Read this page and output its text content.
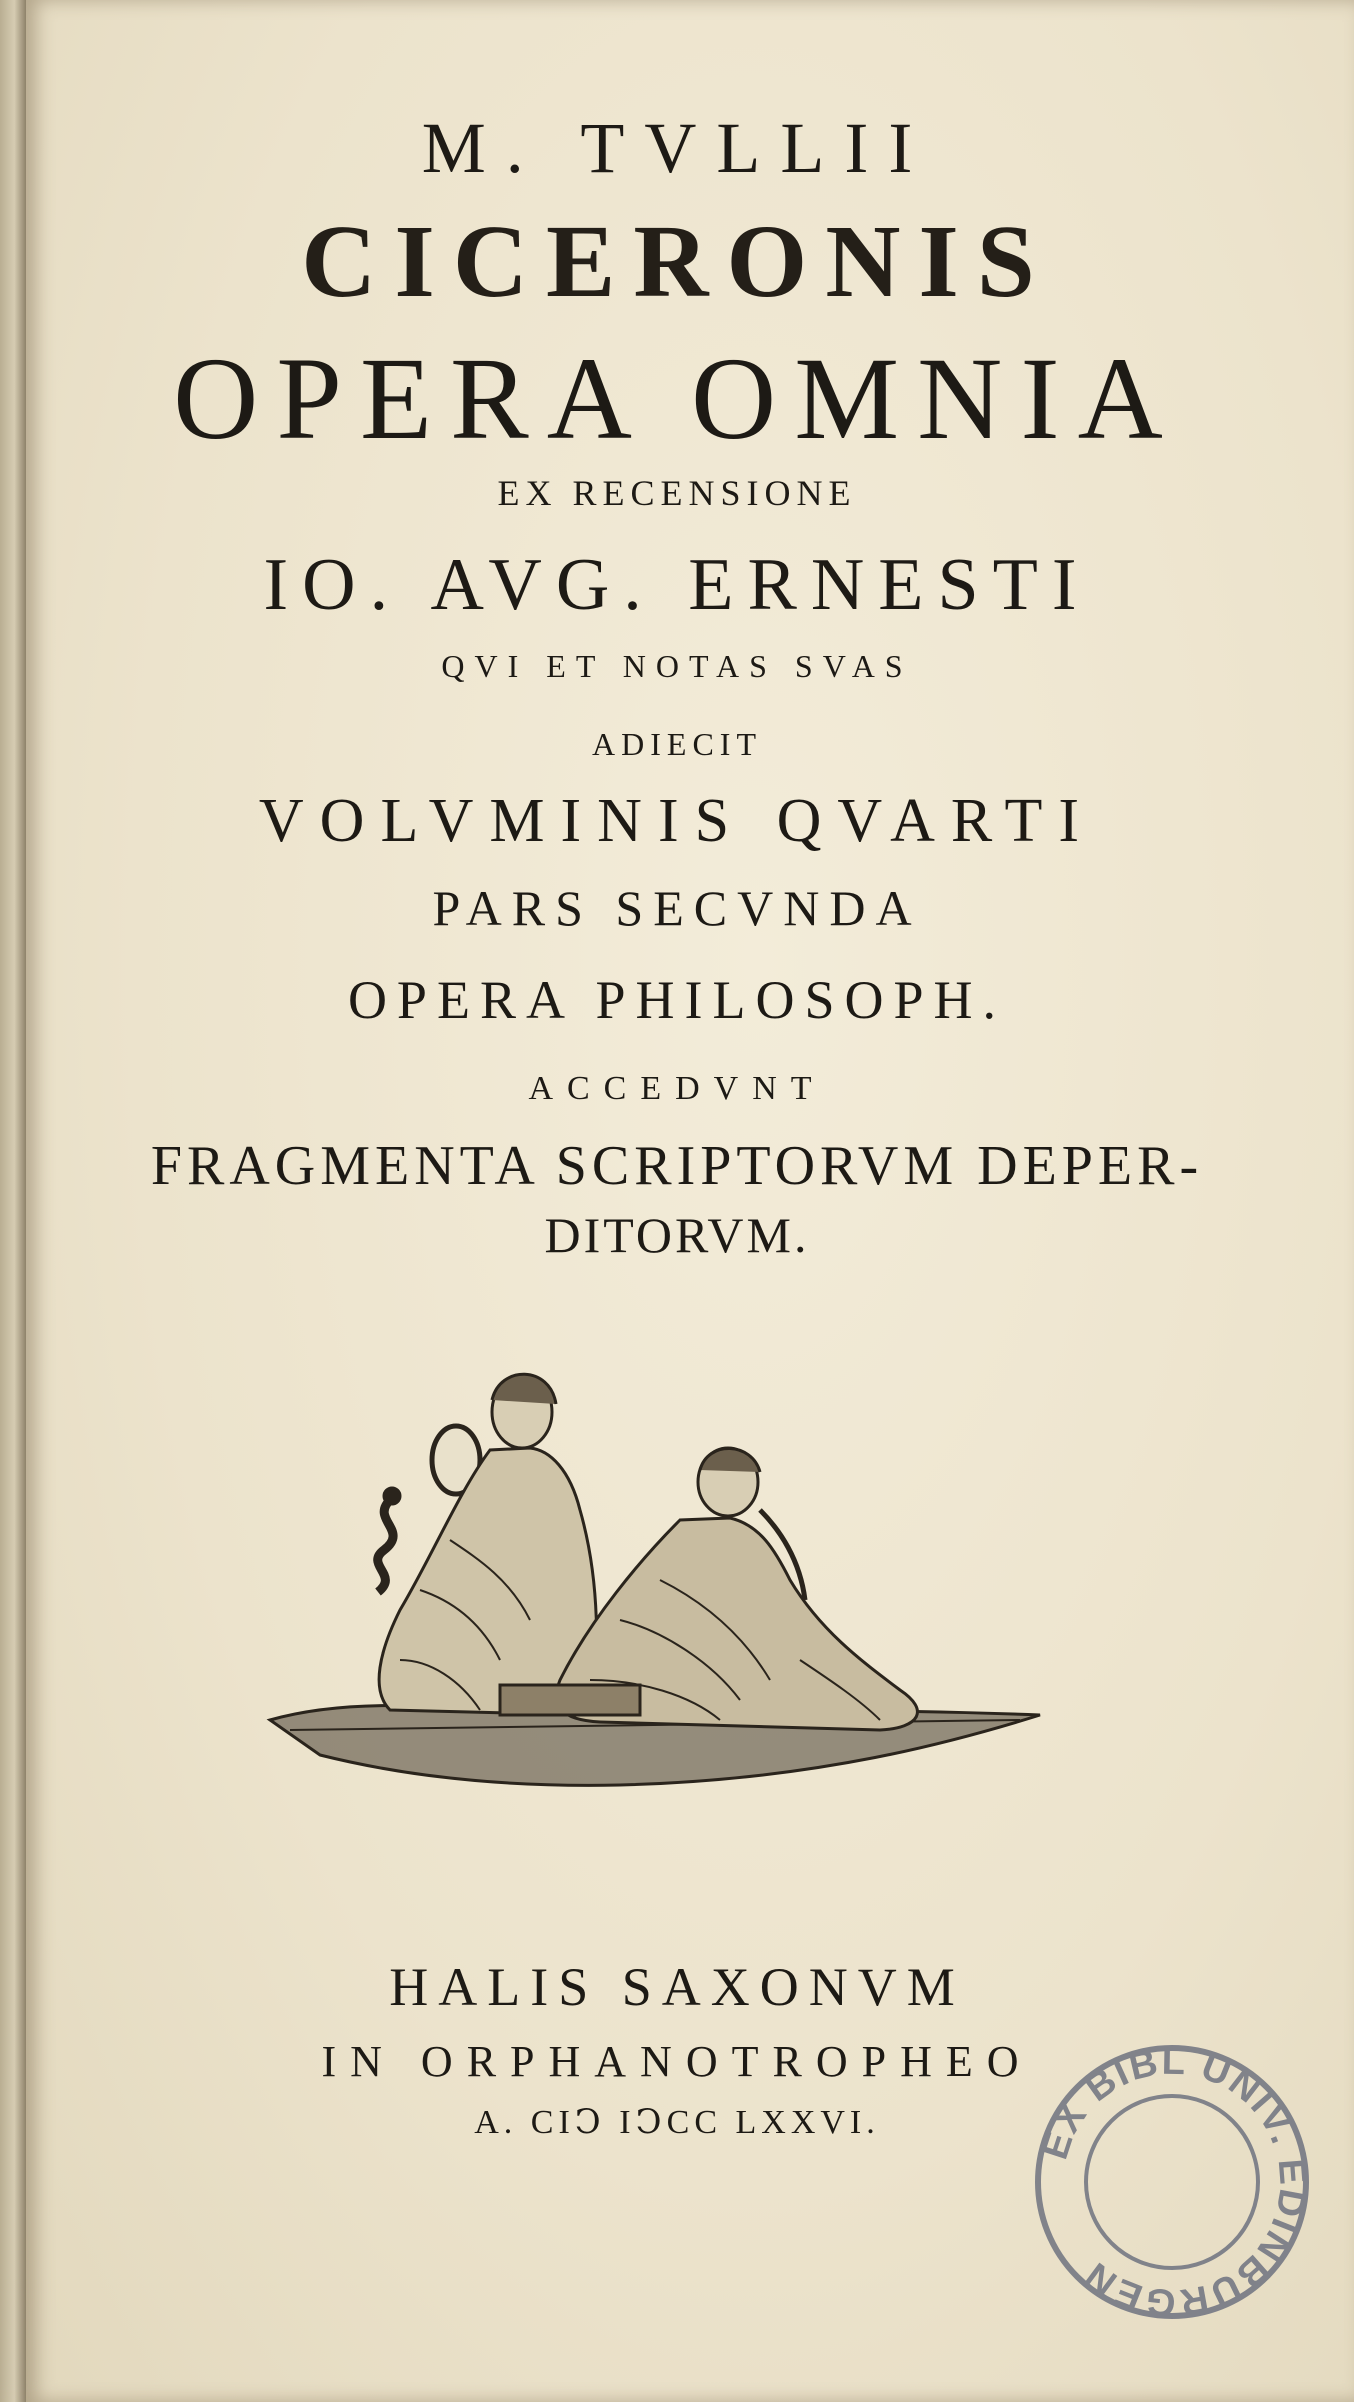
M. TVLLII

CICERONIS

OPERA OMNIA

EX RECENSIONE

IO. AVG. ERNESTI

QVI ET NOTAS SVAS

ADIECIT

VOLVMINIS QVARTI

PARS SECVNDA

OPERA PHILOSOPH.

ACCEDVNT

FRAGMENTA SCRIPTORVM DEPER-

DITORVM.

HALIS SAXONVM

IN ORPHANOTROPHEO

A. CIↃ IↃCC LXXVI.

EX BIBL UNIV. EDINBURGEN
